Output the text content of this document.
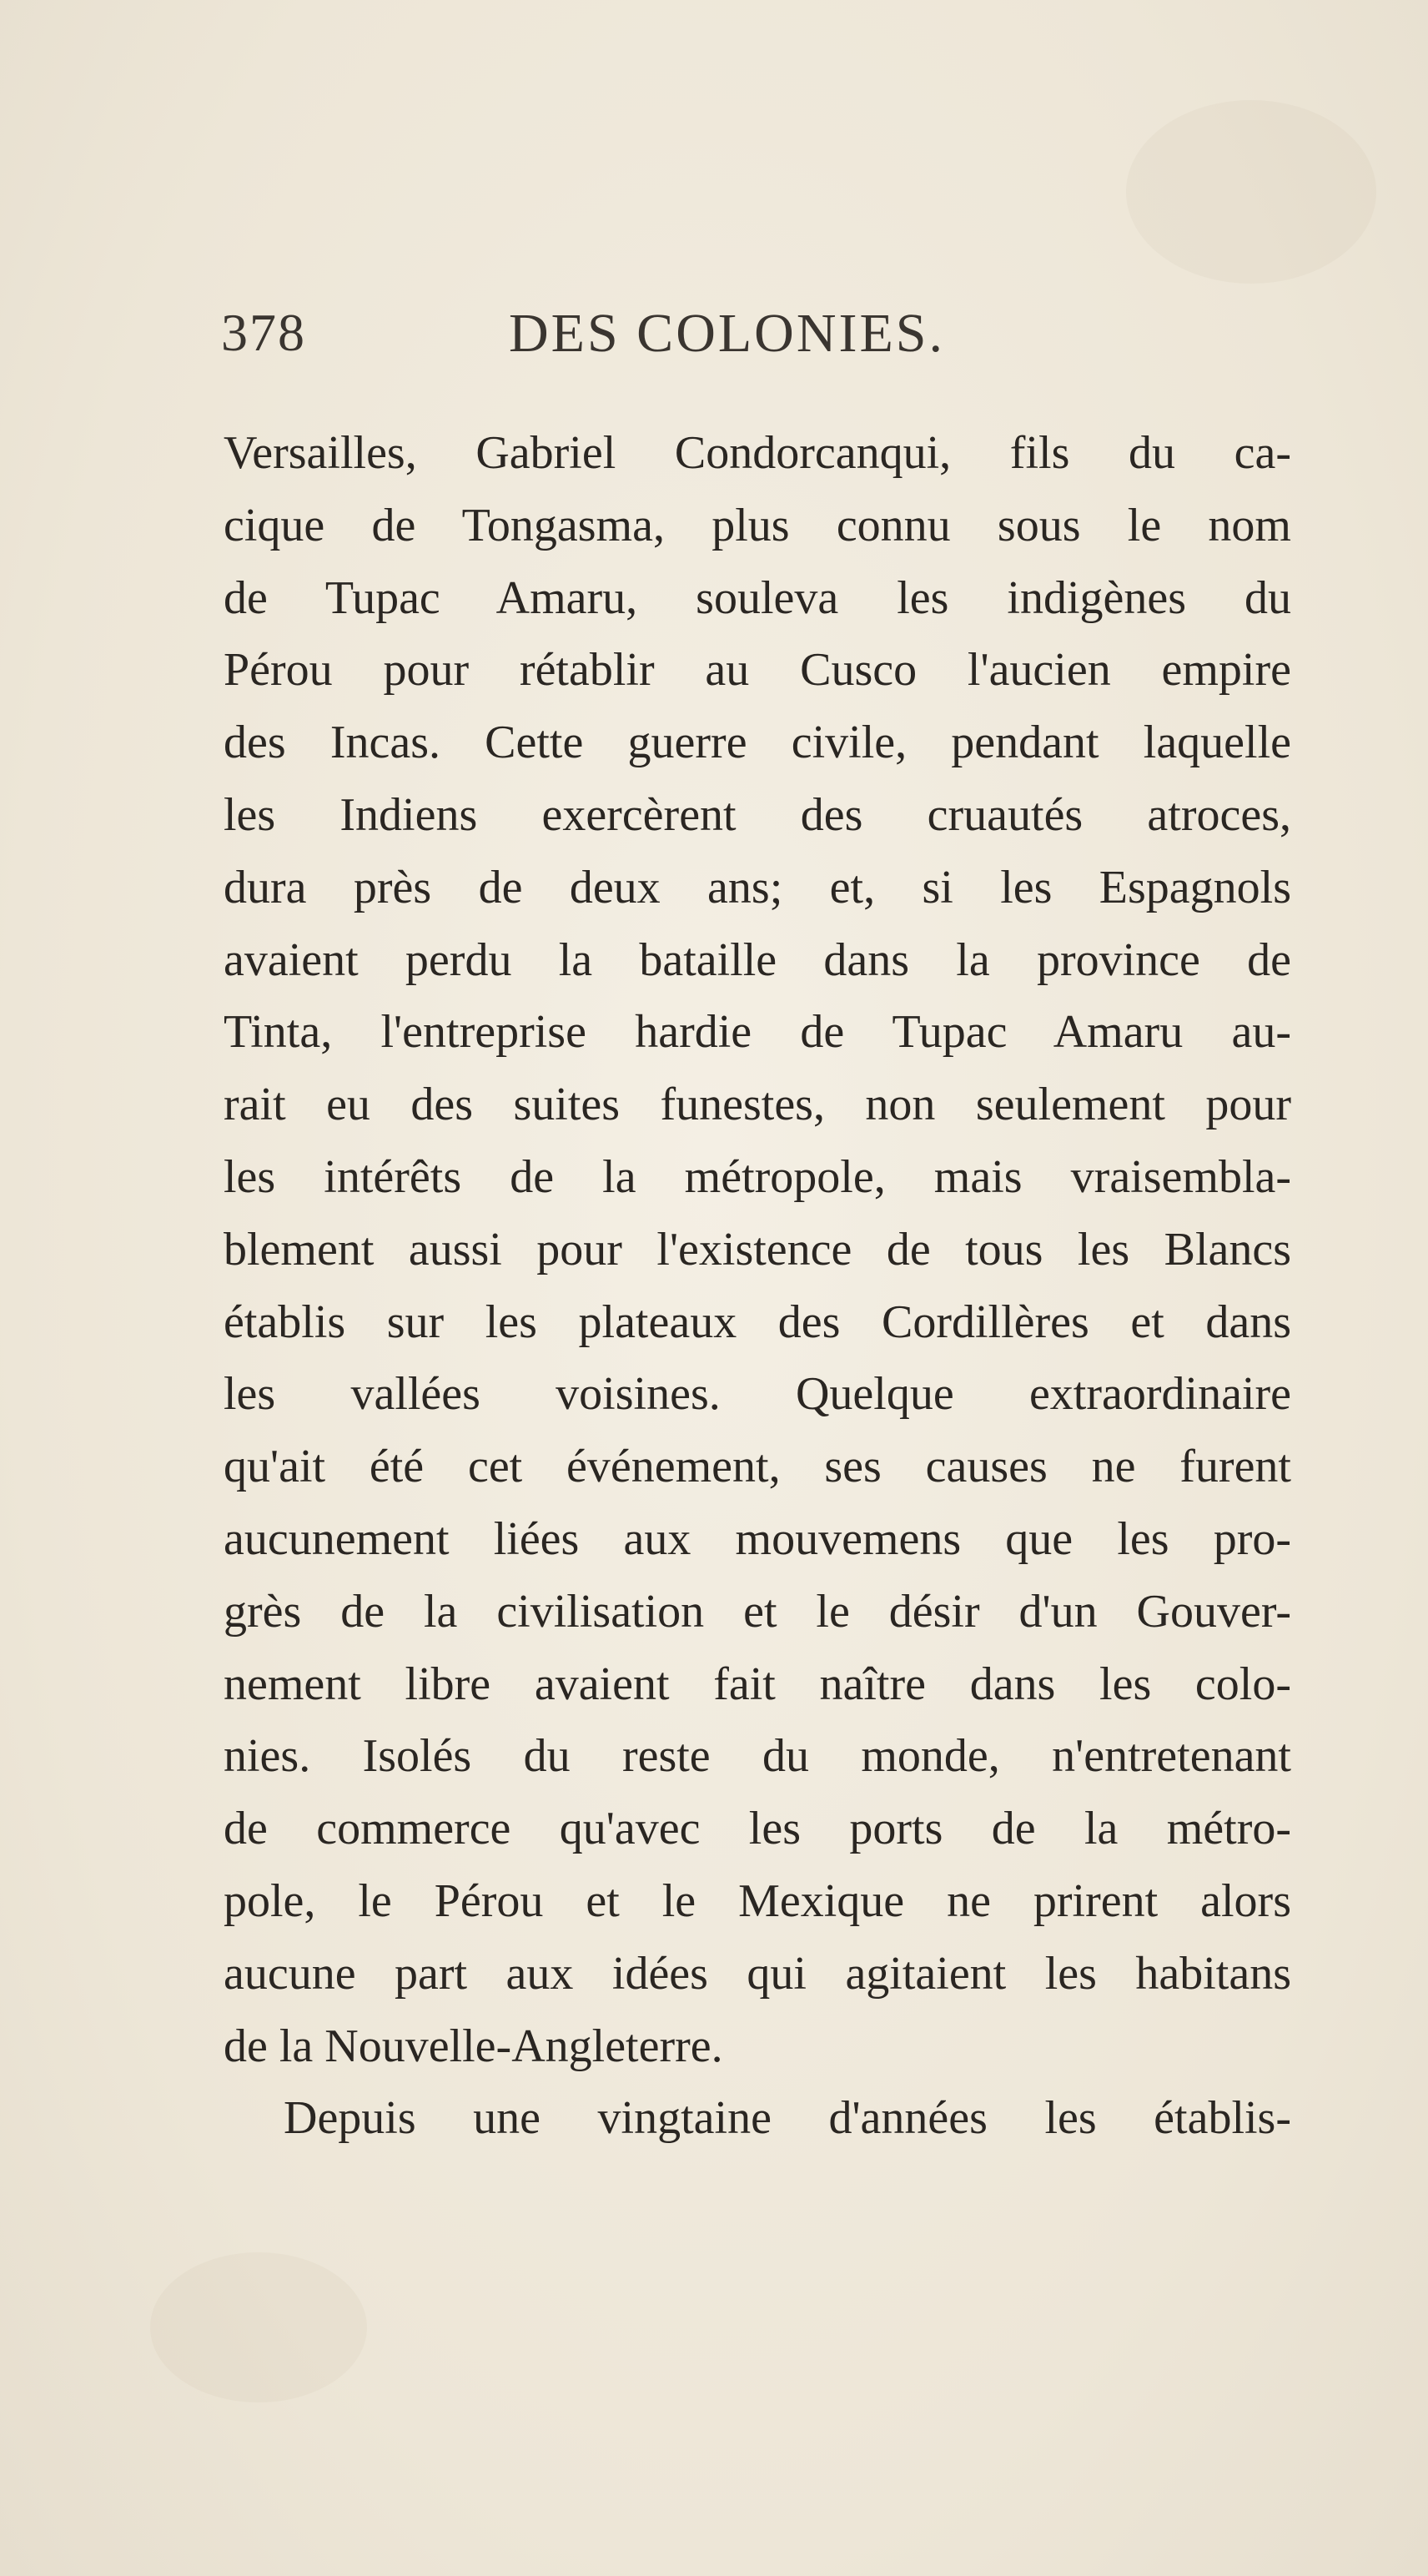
378	DES COLONIES.
Versailles, Gabriel Condorcanqui, fils du ca-
cique de Tongasma, plus connu sous le nom
de Tupac Amaru, souleva les indigènes du
Pérou pour rétablir au Cusco l'aucien empire
des Incas. Cette guerre civile, pendant laquelle
les Indiens exercèrent des cruautés atroces,
dura près de deux ans; et, si les Espagnols
avaient perdu la bataille dans la province de
Tinta, l'entreprise hardie de Tupac Amaru au-
rait eu des suites funestes, non seulement pour
les intérêts de la métropole, mais vraisembla-
blement aussi pour l'existence de tous les Blancs
établis sur les plateaux des Cordillères et dans
les vallées voisines. Quelque extraordinaire
qu'ait été cet événement, ses causes ne furent
aucunement liées aux mouvemens que les pro-
grès de la civilisation et le désir d'un Gouver-
nement libre avaient fait naître dans les colo-
nies. Isolés du reste du monde, n'entretenant
de commerce qu'avec les ports de la métro-
pole, le Pérou et le Mexique ne prirent alors
aucune part aux idées qui agitaient les habitans
de la Nouvelle-Angleterre.
Depuis une vingtaine d'années les établis-
